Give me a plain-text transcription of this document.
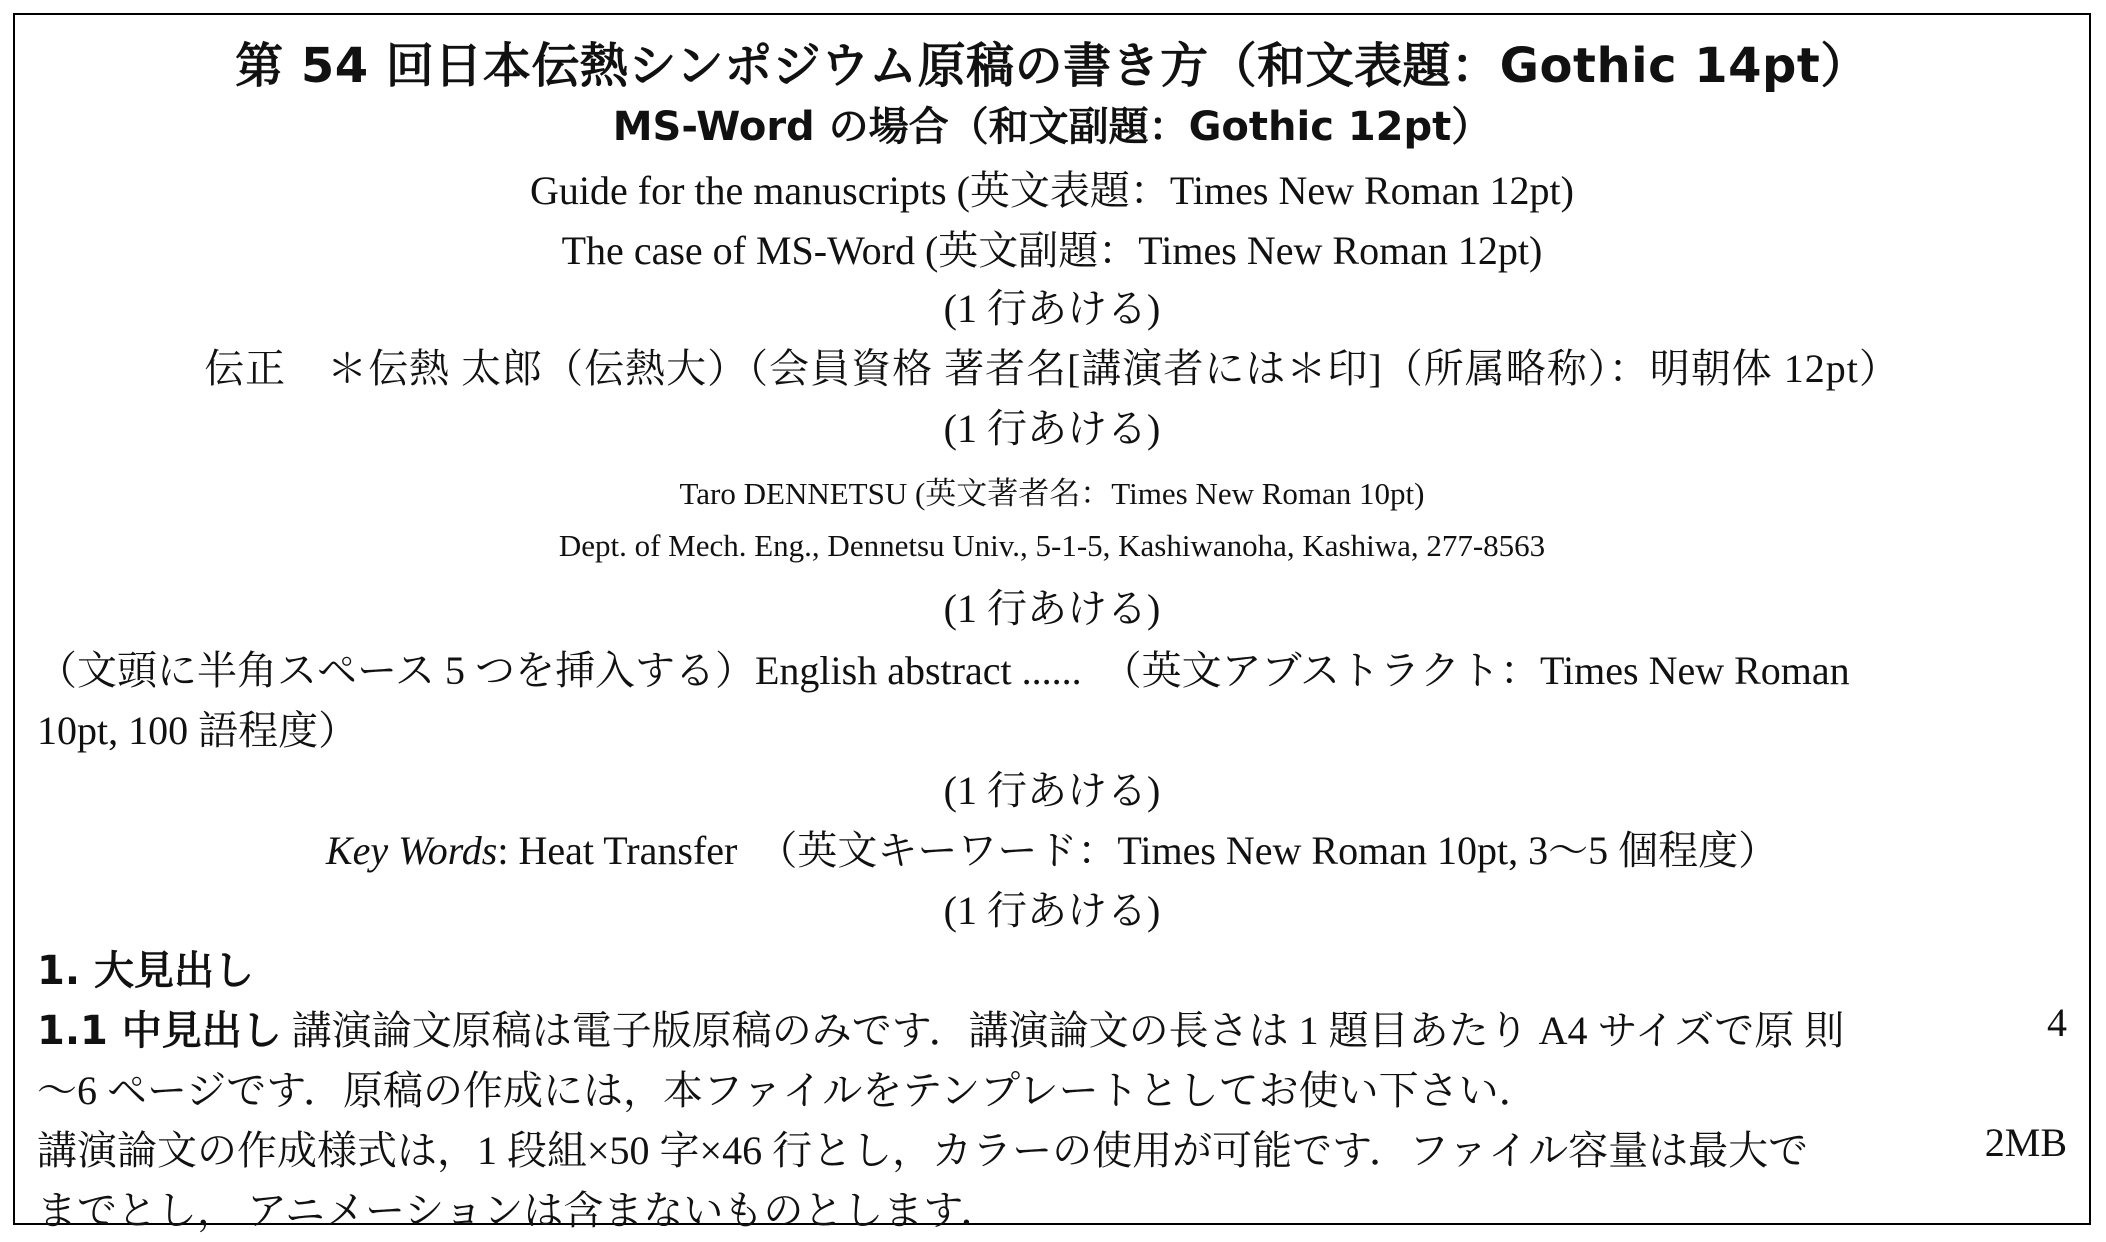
第 54 回日本伝熱シンポジウム原稿の書き方（和文表題：Gothic 14pt）
MS-Word の場合（和文副題：Gothic 12pt）
Guide for the manuscripts (英文表題：Times New Roman 12pt)
The case of MS-Word (英文副題：Times New Roman 12pt)
(1 行あける)
伝正　＊伝熱 太郎（伝熱大）（会員資格 著者名[講演者には＊印]（所属略称）：明朝体 12pt）
(1 行あける)
Taro DENNETSU (英文著者名：Times New Roman 10pt)
Dept. of Mech. Eng., Dennetsu Univ., 5-1-5, Kashiwanoha, Kashiwa, 277-8563
(1 行あける)
（文頭に半角スペース 5 つを挿入する）English abstract ......　（英文アブストラクト：Times New Roman
10pt, 100 語程度）
(1 行あける)
Key Words: Heat Transfer　（英文キーワード：Times New Roman 10pt, 3～5 個程度）
(1 行あける)
1. 大見出し
1.1 中見出し 講演論文原稿は電子版原稿のみです．講演論文の長さは 1 題目あたり A4 サイズで原 則	4
～6 ページです．原稿の作成には，本ファイルをテンプレートとしてお使い下さい．
講演論文の作成様式は，1 段組×50 字×46 行とし，カラーの使用が可能です．ファイル容量は最大で	2MB
までとし， アニメーションは含まないものとします．
